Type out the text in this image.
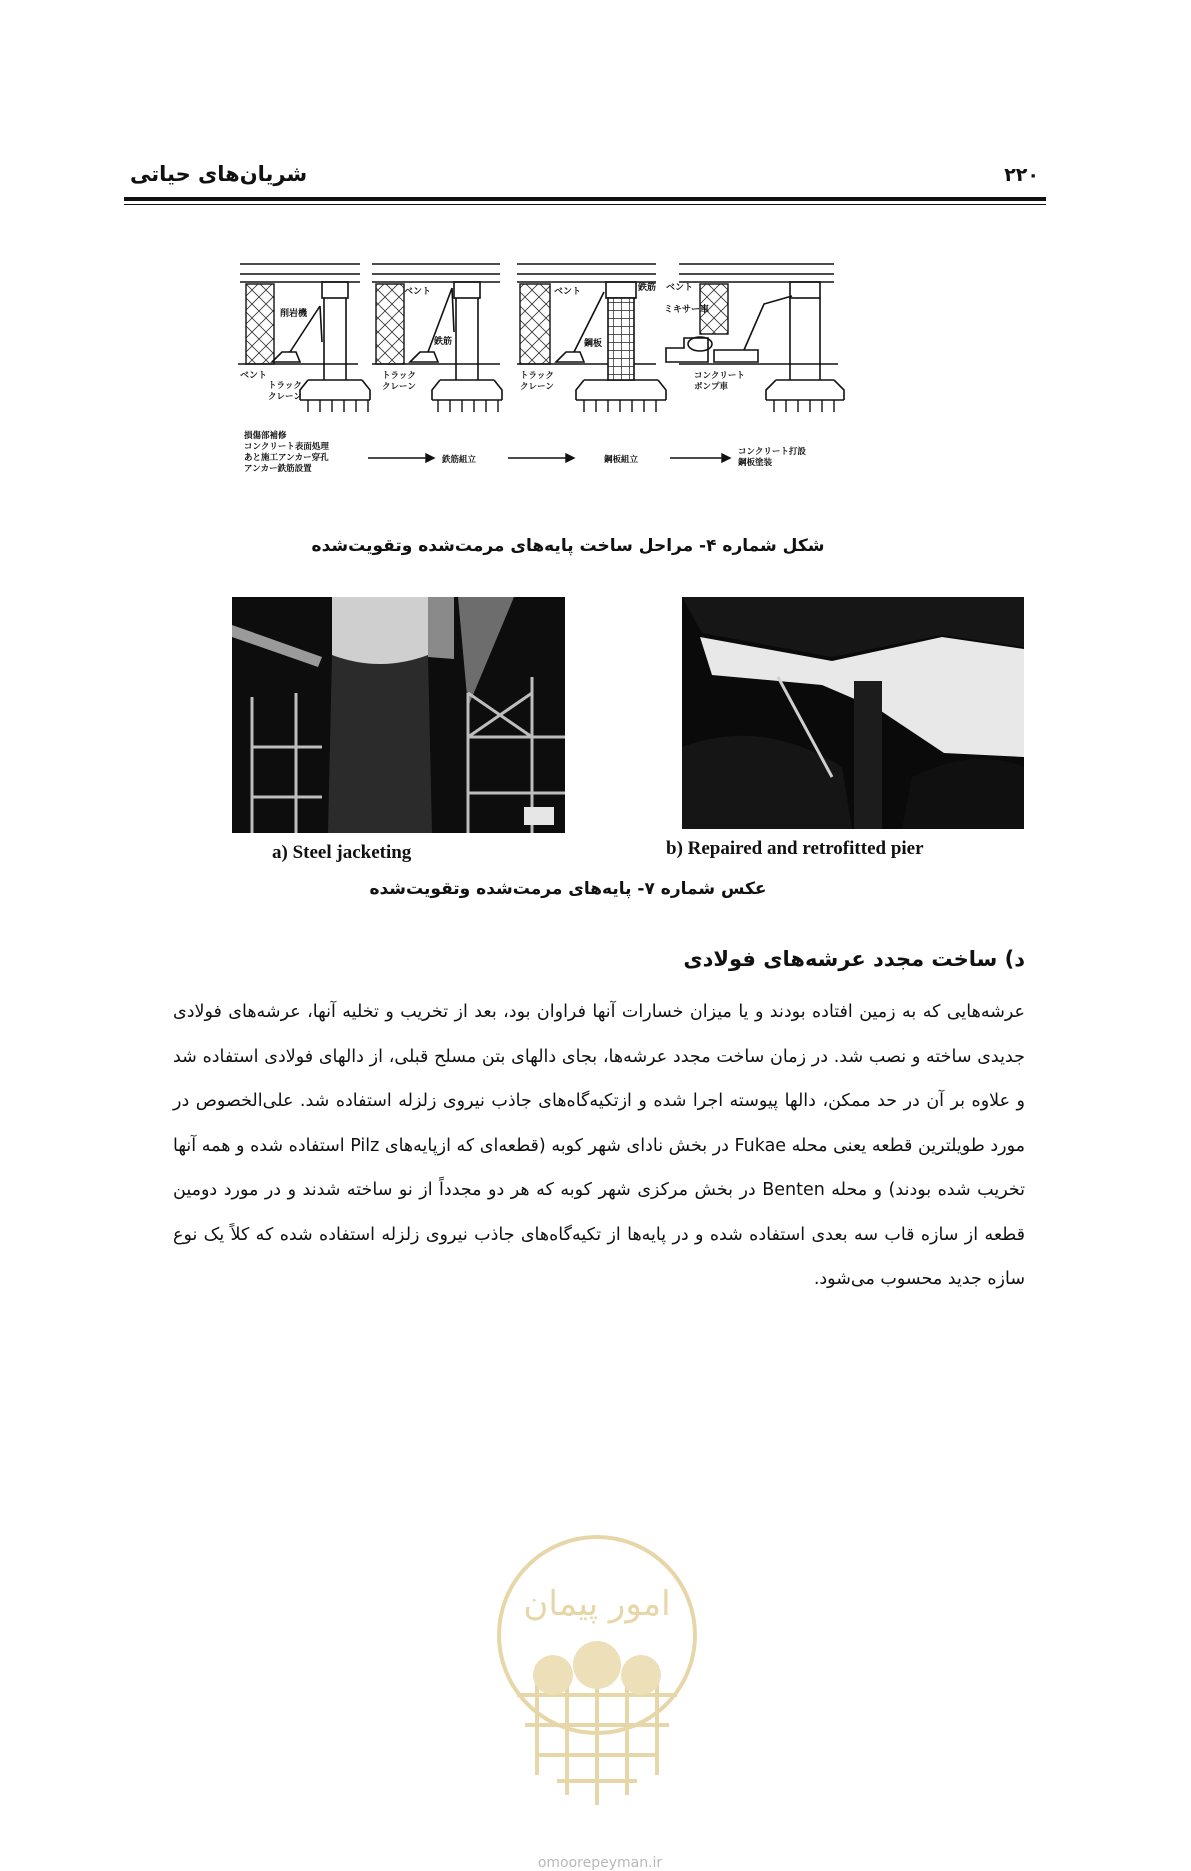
شریان‌های حیاتی	۲۲۰
ベント
削岩機
ベント
鉄筋
ベント	鉄筋
鋼板
ベント
ミキサー車
トラッククレーン
トラッククレーン
トラッククレーン
コンクリートポンプ車
損傷部補修コンクリート表面処理あと施工アンカー穿孔アンカー鉄筋設置
鉄筋組立	鋼板組立
コンクリート打設鋼板塗装
شکل شماره ۴- مراحل ساخت پایه‌های مرمت‌شده وتقویت‌شده
a) Steel jacketing	b) Repaired and retrofitted pier
عکس شماره ۷- پایه‌های مرمت‌شده وتقویت‌شده
د) ساخت مجدد عرشه‌های فولادی
عرشه‌هایی که به زمین افتاده بودند و یا میزان خسارات آنها فراوان بود، بعد از تخریب و تخلیه آنها، عرشه‌های فولادی جدیدی ساخته و نصب شد. در زمان ساخت مجدد عرشه‌ها، بجای دالهای بتن مسلح قبلی، از دالهای فولادی استفاده شد و علاوه بر آن در حد ممکن، دالها پیوسته اجرا شده و ازتکیه‌گاه‌های جاذب نیروی زلزله استفاده شد. علی‌الخصوص در مورد طویلترین قطعه یعنی محله Fukae در بخش نادای شهر کوبه (قطعه‌ای که ازپایه‌های Pilz استفاده شده و همه آنها تخریب شده بودند) و محله Benten در بخش مرکزی شهر کوبه که هر دو مجدداً از نو ساخته شدند و در مورد دومین قطعه از سازه قاب سه بعدی استفاده شده و در پایه‌ها از تکیه‌گاه‌های جاذب نیروی زلزله استفاده شده که کلاً یک نوع سازه جدید محسوب می‌شود.
امور پیمان
omoorepeyman.ir
